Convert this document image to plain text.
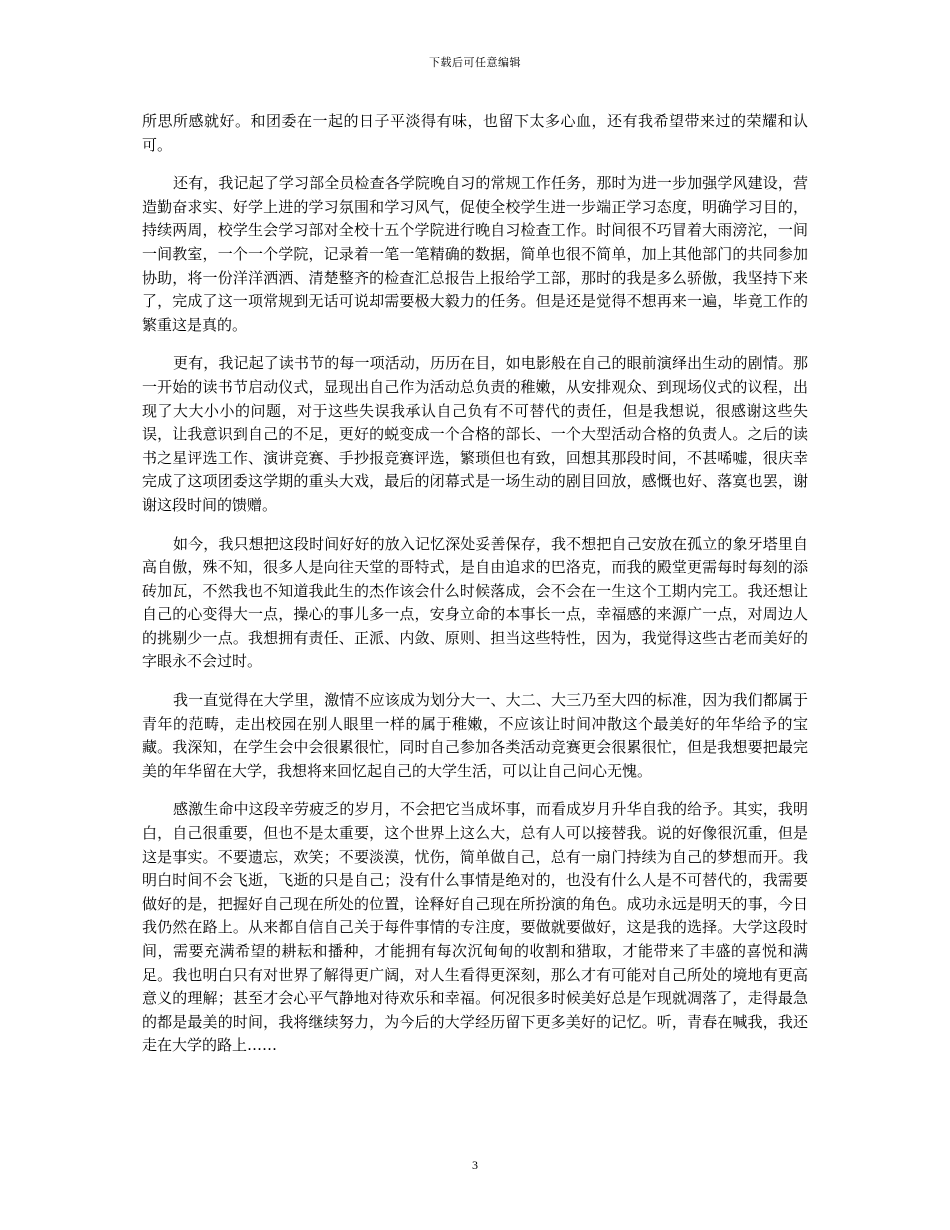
下载后可任意编辑

所思所感就好。和团委在一起的日子平淡得有味，也留下太多心血，还有我希望带来过的荣耀和认可。

还有，我记起了学习部全员检查各学院晚自习的常规工作任务，那时为进一步加强学风建设，营造勤奋求实、好学上进的学习氛围和学习风气，促使全校学生进一步端正学习态度，明确学习目的，持续两周，校学生会学习部对全校十五个学院进行晚自习检查工作。时间很不巧冒着大雨滂沱，一间一间教室，一个一个学院，记录着一笔一笔精确的数据，简单也很不简单，加上其他部门的共同参加协助，将一份洋洋洒洒、清楚整齐的检查汇总报告上报给学工部，那时的我是多么骄傲，我坚持下来了，完成了这一项常规到无话可说却需要极大毅力的任务。但是还是觉得不想再来一遍，毕竟工作的繁重这是真的。

更有，我记起了读书节的每一项活动，历历在目，如电影般在自己的眼前演绎出生动的剧情。那一开始的读书节启动仪式，显现出自己作为活动总负责的稚嫩，从安排观众、到现场仪式的议程，出现了大大小小的问题，对于这些失误我承认自己负有不可替代的责任，但是我想说，很感谢这些失误，让我意识到自己的不足，更好的蜕变成一个合格的部长、一个大型活动合格的负责人。之后的读书之星评选工作、演讲竞赛、手抄报竞赛评选，繁琐但也有致，回想其那段时间，不甚唏嘘，很庆幸完成了这项团委这学期的重头大戏，最后的闭幕式是一场生动的剧目回放，感慨也好、落寞也罢，谢谢这段时间的馈赠。

如今，我只想把这段时间好好的放入记忆深处妥善保存，我不想把自己安放在孤立的象牙塔里自高自傲，殊不知，很多人是向往天堂的哥特式，是自由追求的巴洛克，而我的殿堂更需每时每刻的添砖加瓦，不然我也不知道我此生的杰作该会什么时候落成，会不会在一生这个工期内完工。我还想让自己的心变得大一点，操心的事儿多一点，安身立命的本事长一点，幸福感的来源广一点，对周边人的挑剔少一点。我想拥有责任、正派、内敛、原则、担当这些特性，因为，我觉得这些古老而美好的字眼永不会过时。

我一直觉得在大学里，激情不应该成为划分大一、大二、大三乃至大四的标准，因为我们都属于青年的范畴，走出校园在别人眼里一样的属于稚嫩，不应该让时间冲散这个最美好的年华给予的宝藏。我深知，在学生会中会很累很忙，同时自己参加各类活动竞赛更会很累很忙，但是我想要把最完美的年华留在大学，我想将来回忆起自己的大学生活，可以让自己问心无愧。

感激生命中这段辛劳疲乏的岁月，不会把它当成坏事，而看成岁月升华自我的给予。其实，我明白，自己很重要，但也不是太重要，这个世界上这么大，总有人可以接替我。说的好像很沉重，但是这是事实。不要遗忘，欢笑；不要淡漠，忧伤，简单做自己，总有一扇门持续为自己的梦想而开。我明白时间不会飞逝，飞逝的只是自己；没有什么事情是绝对的，也没有什么人是不可替代的，我需要做好的是，把握好自己现在所处的位置，诠释好自己现在所扮演的角色。成功永远是明天的事，今日我仍然在路上。从来都自信自己关于每件事情的专注度，要做就要做好，这是我的选择。大学这段时间，需要充满希望的耕耘和播种，才能拥有每次沉甸甸的收割和猎取，才能带来了丰盛的喜悦和满足。我也明白只有对世界了解得更广阔，对人生看得更深刻，那么才有可能对自己所处的境地有更高意义的理解；甚至才会心平气静地对待欢乐和幸福。何况很多时候美好总是乍现就凋落了，走得最急的都是最美的时间，我将继续努力，为今后的大学经历留下更多美好的记忆。听，青春在喊我，我还走在大学的路上……

3
